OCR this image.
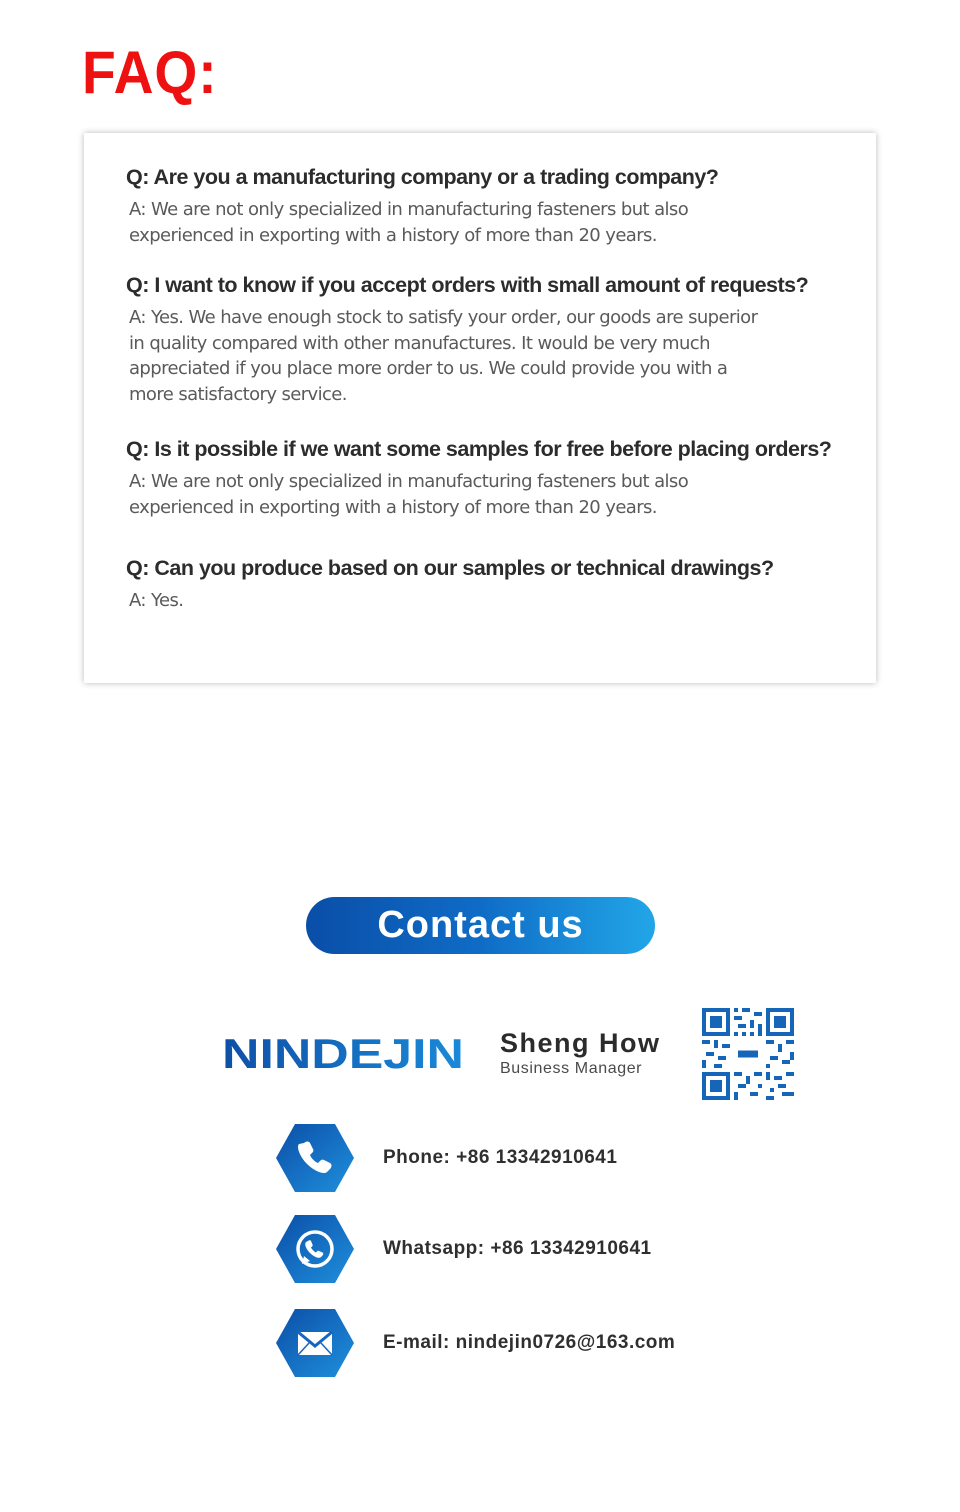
FAQ:
Q: Are you a manufacturing company or a trading company?
A: We are not only specialized in manufacturing fasteners but also experienced in exporting with a history of more than 20 years.
Q: I want to know if you accept orders with small amount of requests?
A: Yes. We have enough stock to satisfy your order, our goods are superior in quality compared with other manufactures. It would be very much appreciated if you place more order to us. We could provide you with a more satisfactory service.
Q: Is it possible if we want some samples for free before placing orders?
A: We are not only specialized in manufacturing fasteners but also experienced in exporting with a history of more than 20 years.
Q: Can you produce based on our samples or technical drawings?
A: Yes.
Contact us
NINDEJIN Sheng How
Business Manager
Phone: +86 13342910641
Whatsapp: +86 13342910641
E-mail: nindejin0726@163.com
